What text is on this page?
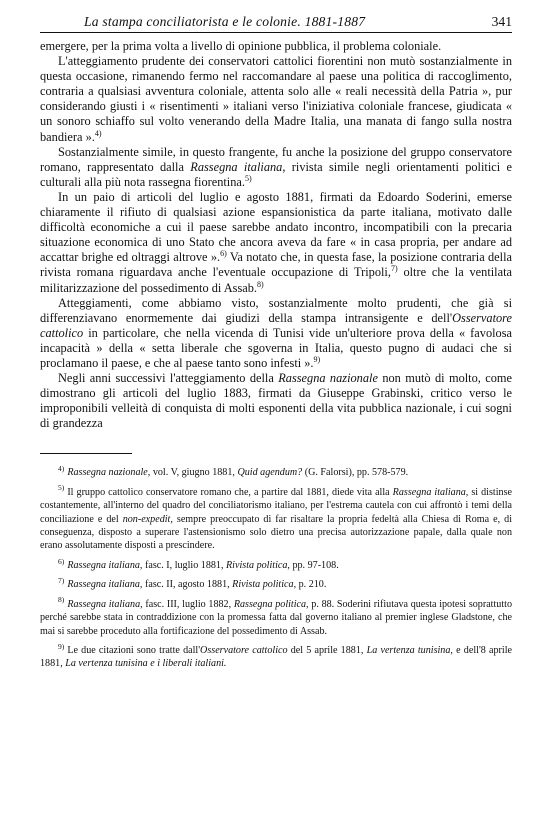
La stampa conciliatorista e le colonie. 1881-1887	341

emergere, per la prima volta a livello di opinione pubblica, il problema coloniale.

L'atteggiamento prudente dei conservatori cattolici fiorentini non mutò sostanzialmente in questa occasione, rimanendo fermo nel raccomandare al paese una politica di raccoglimento, contraria a qualsiasi avventura coloniale, attenta solo alle « reali necessità della Patria », pur considerando giusti i « risentimenti » italiani verso l'iniziativa coloniale francese, giudicata « un sonoro schiaffo sul volto venerando della Madre Italia, una manata di fango sulla nostra bandiera ».$^{4)}$

Sostanzialmente simile, in questo frangente, fu anche la posizione del gruppo conservatore romano, rappresentato dalla Rassegna italiana, rivista simile negli orientamenti politici e culturali alla più nota rassegna fiorentina.$^{5)}$

In un paio di articoli del luglio e agosto 1881, firmati da Edoardo Soderini, emerse chiaramente il rifiuto di qualsiasi azione espansionistica da parte italiana, motivato dalle difficoltà economiche a cui il paese sarebbe andato incontro, incompatibili con la precaria situazione economica di uno Stato che ancora aveva da fare « in casa propria, per andare ad accattar brighe ed oltraggi altrove ».$^{6)}$ Va notato che, in questa fase, la posizione contraria della rivista romana riguardava anche l'eventuale occupazione di Tripoli,$^{7)}$ oltre che la ventilata militarizzazione del possedimento di Assab.$^{8)}$

Atteggiamenti, come abbiamo visto, sostanzialmente molto prudenti, che già si differenziavano enormemente dai giudizi della stampa intransigente e dell'Osservatore cattolico in particolare, che nella vicenda di Tunisi vide un'ulteriore prova della « favolosa incapacità » della « setta liberale che sgoverna in Italia, questo pugno di audaci che si proclamano il paese, e che al paese tanto sono infesti ».$^{9)}$

Negli anni successivi l'atteggiamento della Rassegna nazionale non mutò di molto, come dimostrano gli articoli del luglio 1883, firmati da Giuseppe Grabinski, critico verso le improponibili velleità di conquista di molti esponenti della vita pubblica nazionale, i cui sogni di grandezza

$^{4)}$ Rassegna nazionale, vol. V, giugno 1881, Quid agendum? (G. Falorsi), pp. 578-579.

$^{5)}$ Il gruppo cattolico conservatore romano che, a partire dal 1881, diede vita alla Rassegna italiana, si distinse costantemente, all'interno del quadro del conciliatorismo italiano, per l'estrema cautela con cui affrontò i temi della conciliazione e del non-expedit, sempre preoccupato di far risaltare la propria fedeltà alla Chiesa di Roma e, di conseguenza, disposto a superare l'astensionismo solo dietro una precisa autorizzazione papale, dalla quale non erano assolutamente disposti a prescindere.

$^{6)}$ Rassegna italiana, fasc. I, luglio 1881, Rivista politica, pp. 97-108.

$^{7)}$ Rassegna italiana, fasc. II, agosto 1881, Rivista politica, p. 210.

$^{8)}$ Rassegna italiana, fasc. III, luglio 1882, Rassegna politica, p. 88. Soderini rifiutava questa ipotesi soprattutto perché sarebbe stata in contraddizione con la promessa fatta dal governo italiano al premier inglese Gladstone, che mai si sarebbe proceduto alla fortificazione del possedimento di Assab.

$^{9)}$ Le due citazioni sono tratte dall'Osservatore cattolico del 5 aprile 1881, La vertenza tunisina, e dell'8 aprile 1881, La vertenza tunisina e i liberali italiani.
